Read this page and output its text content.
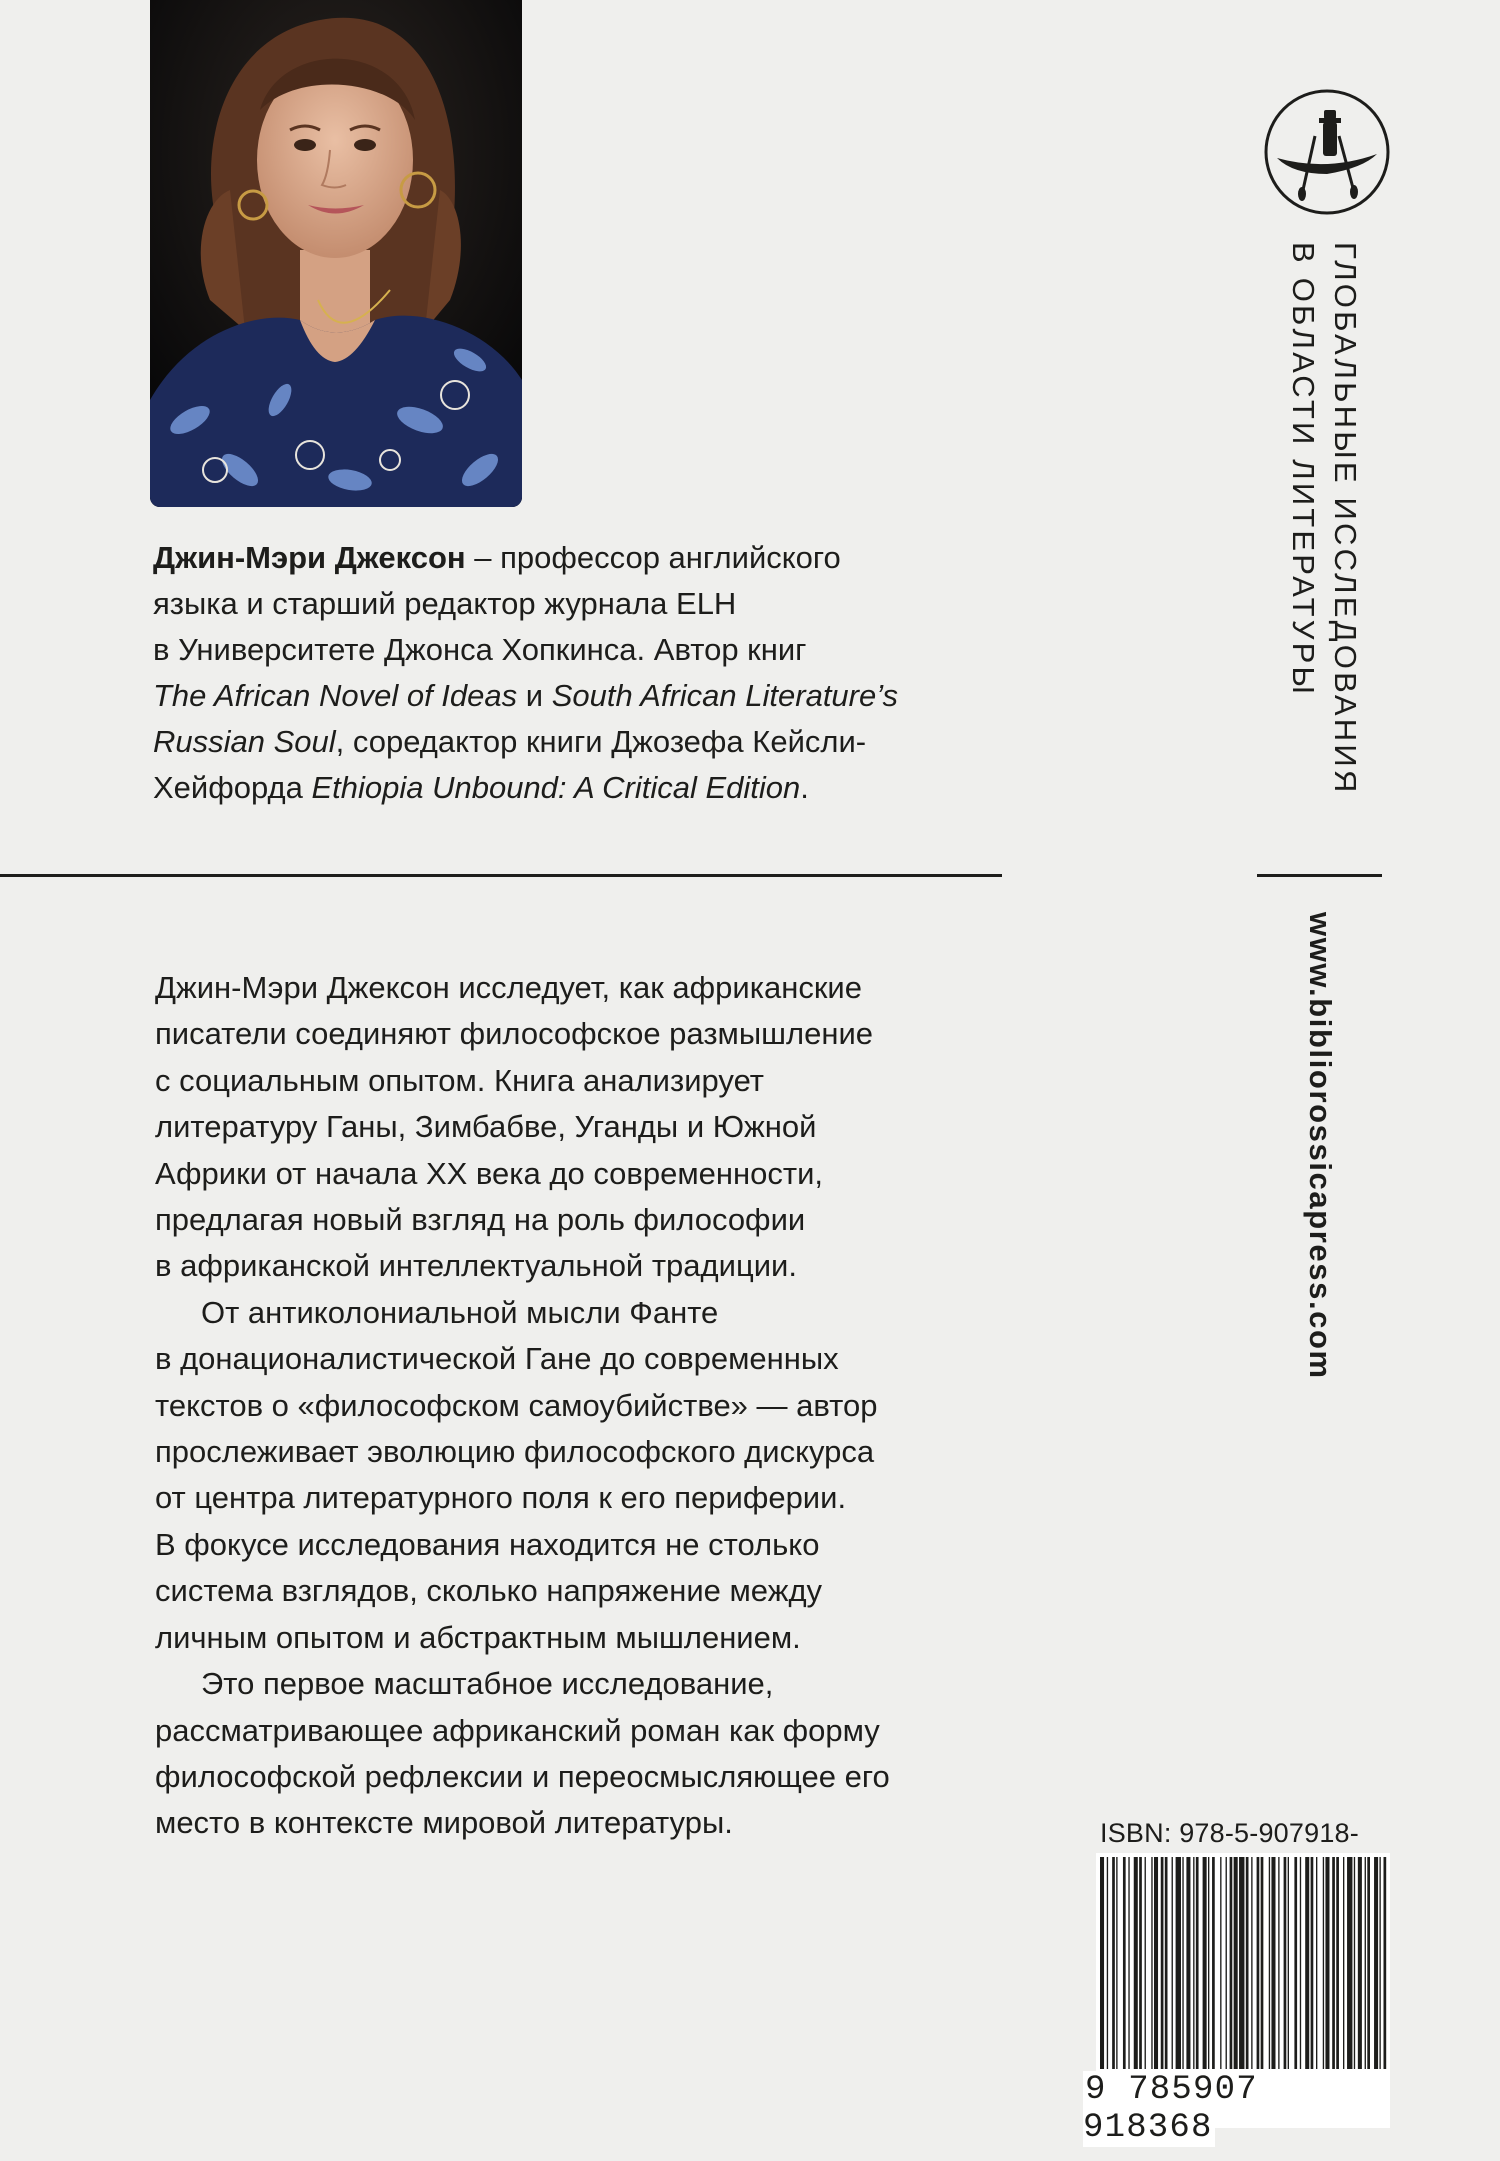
Джин-Мэри Джексон – профессор английского
языка и старший редактор журнала ELH
в Университете Джонса Хопкинса. Автор книг
The African Novel of Ideas и South African Literature’s
Russian Soul, соредактор книги Джозефа Кейсли-
Хейфорда Ethiopia Unbound: A Critical Edition.

Джин-Мэри Джексон исследует, как африканские
писатели соединяют философское размышление
с социальным опытом. Книга анализирует
литературу Ганы, Зимбабве, Уганды и Южной
Африки от начала XX века до современности,
предлагая новый взгляд на роль философии
в африканской интеллектуальной традиции.

От антиколониальной мысли Фанте
в донационалистической Гане до современных
текстов о «философском самоубийстве» — автор
прослеживает эволюцию философского дискурса
от центра литературного поля к его периферии.
В фокусе исследования находится не столько
система взглядов, сколько напряжение между
личным опытом и абстрактным мышлением.

Это первое масштабное исследование,
рассматривающее африканский роман как форму
философской рефлексии и переосмысляющее его
место в контексте мировой литературы.

ГЛОБАЛЬНЫЕ ИССЛЕДОВАНИЯ
В ОБЛАСТИ ЛИТЕРАТУРЫ
www.bibliorossicapress.com
ISBN: 978-5-907918-
9 785907 918368
